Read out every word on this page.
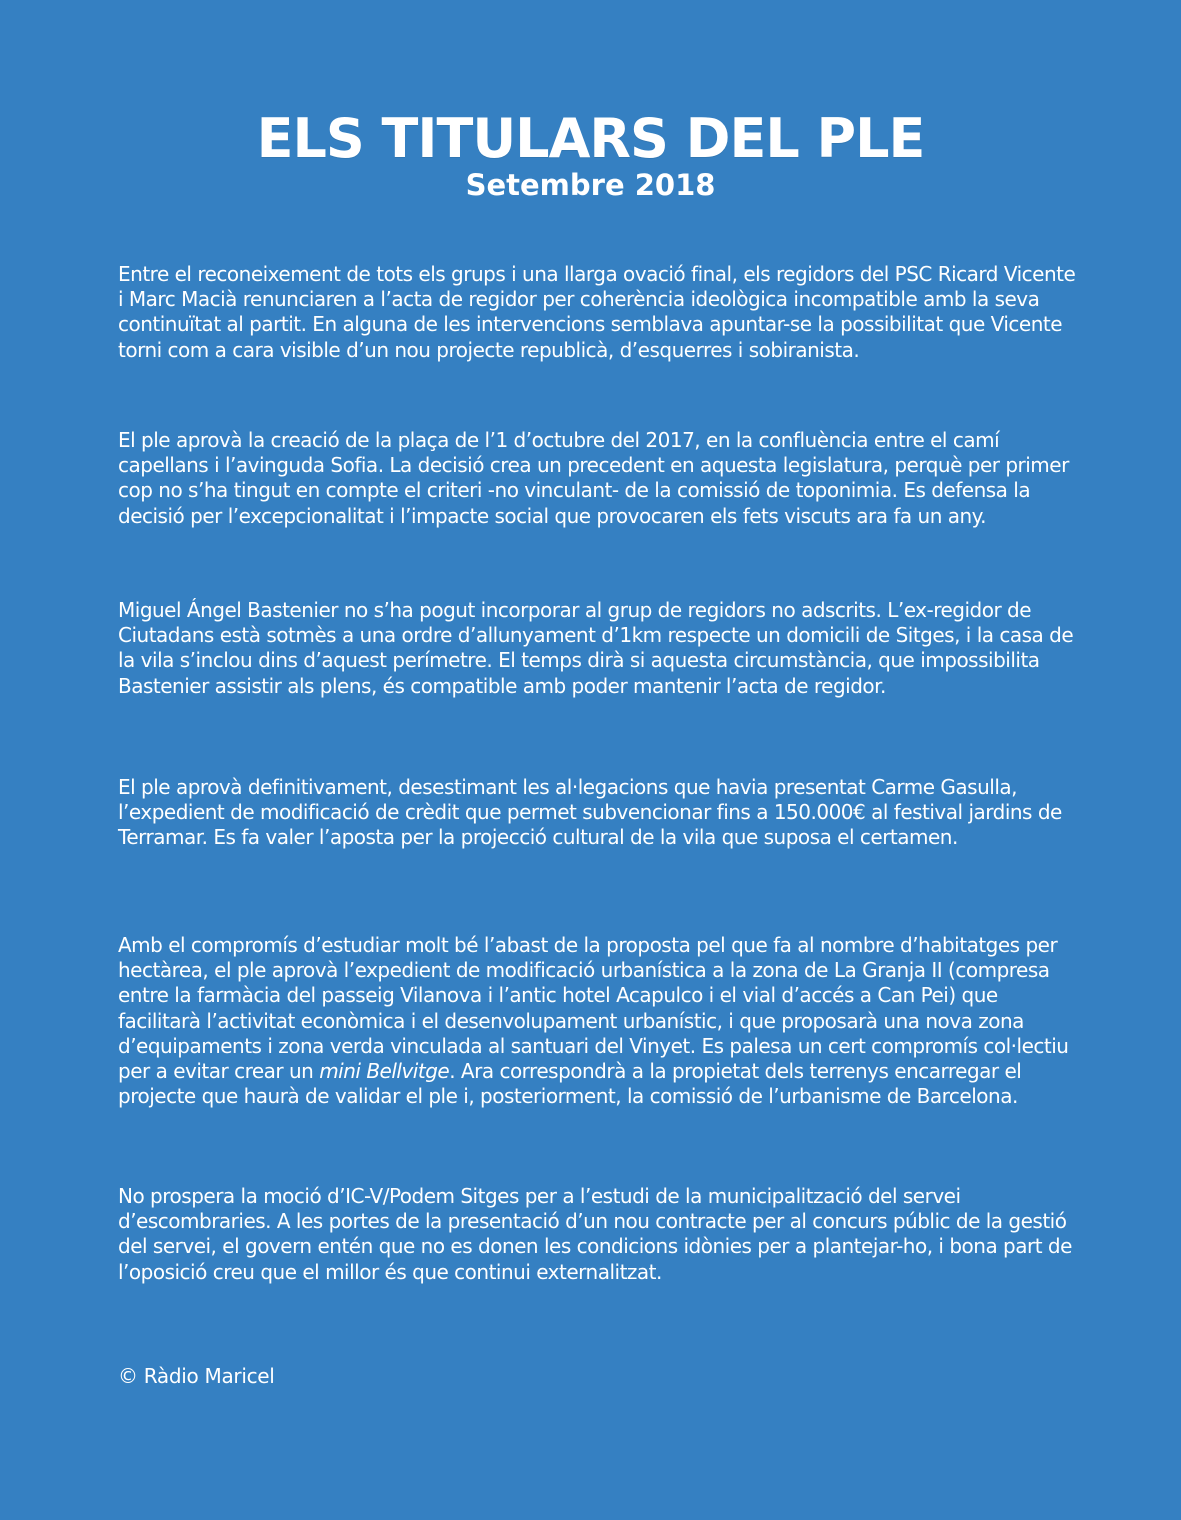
ELS TITULARS DEL PLE

Setembre 2018

Entre el reconeixement de tots els grups i una llarga ovació final, els regidors del PSC Ricard Vicente i Marc Macià renunciaren a l’acta de regidor per coherència ideològica incompatible amb la seva continuïtat al partit. En alguna de les intervencions semblava apuntar-se la possibilitat que Vicente torni com a cara visible d’un nou projecte republicà, d’esquerres i sobiranista.

El ple aprovà la creació de la plaça de l’1 d’octubre del 2017, en la confluència entre el camí capellans i l’avinguda Sofia. La decisió crea un precedent en aquesta legislatura, perquè per primer cop no s’ha tingut en compte el criteri -no vinculant- de la comissió de toponimia. Es defensa la decisió per l’excepcionalitat i l’impacte social que provocaren els fets viscuts ara fa un any.

Miguel Ángel Bastenier no s’ha pogut incorporar al grup de regidors no adscrits. L’ex-regidor de Ciutadans està sotmès a una ordre d’allunyament d’1km respecte un domicili de Sitges, i la casa de la vila s’inclou dins d’aquest perímetre. El temps dirà si aquesta circumstància, que impossibilita Bastenier assistir als plens, és compatible amb poder mantenir l’acta de regidor.

El ple aprovà definitivament, desestimant les al·legacions que havia presentat Carme Gasulla, l’expedient de modificació de crèdit que permet subvencionar fins a 150.000€ al festival jardins de Terramar. Es fa valer l’aposta per la projecció cultural de la vila que suposa el certamen.

Amb el compromís d’estudiar molt bé l’abast de la proposta pel que fa al nombre d’habitatges per hectàrea, el ple aprovà l’expedient de modificació urbanística a la zona de La Granja II (compresa entre la farmàcia del passeig Vilanova i l’antic hotel Acapulco i el vial d’accés a Can Pei) que facilitarà l’activitat econòmica i el desenvolupament urbanístic, i que proposarà una nova zona d’equipaments i zona verda vinculada al santuari del Vinyet. Es palesa un cert compromís col·lectiu per a evitar crear un mini Bellvitge. Ara correspondrà a la propietat dels terrenys encarregar el projecte que haurà de validar el ple i, posteriorment, la comissió de l’urbanisme de Barcelona.

No prospera la moció d’IC-V/Podem Sitges per a l’estudi de la municipalització del servei d’escombraries. A les portes de la presentació d’un nou contracte per al concurs públic de la gestió del servei, el govern entén que no es donen les condicions idònies per a plantejar-ho, i bona part de l’oposició creu que el millor és que continui externalitzat.

© Ràdio Maricel
